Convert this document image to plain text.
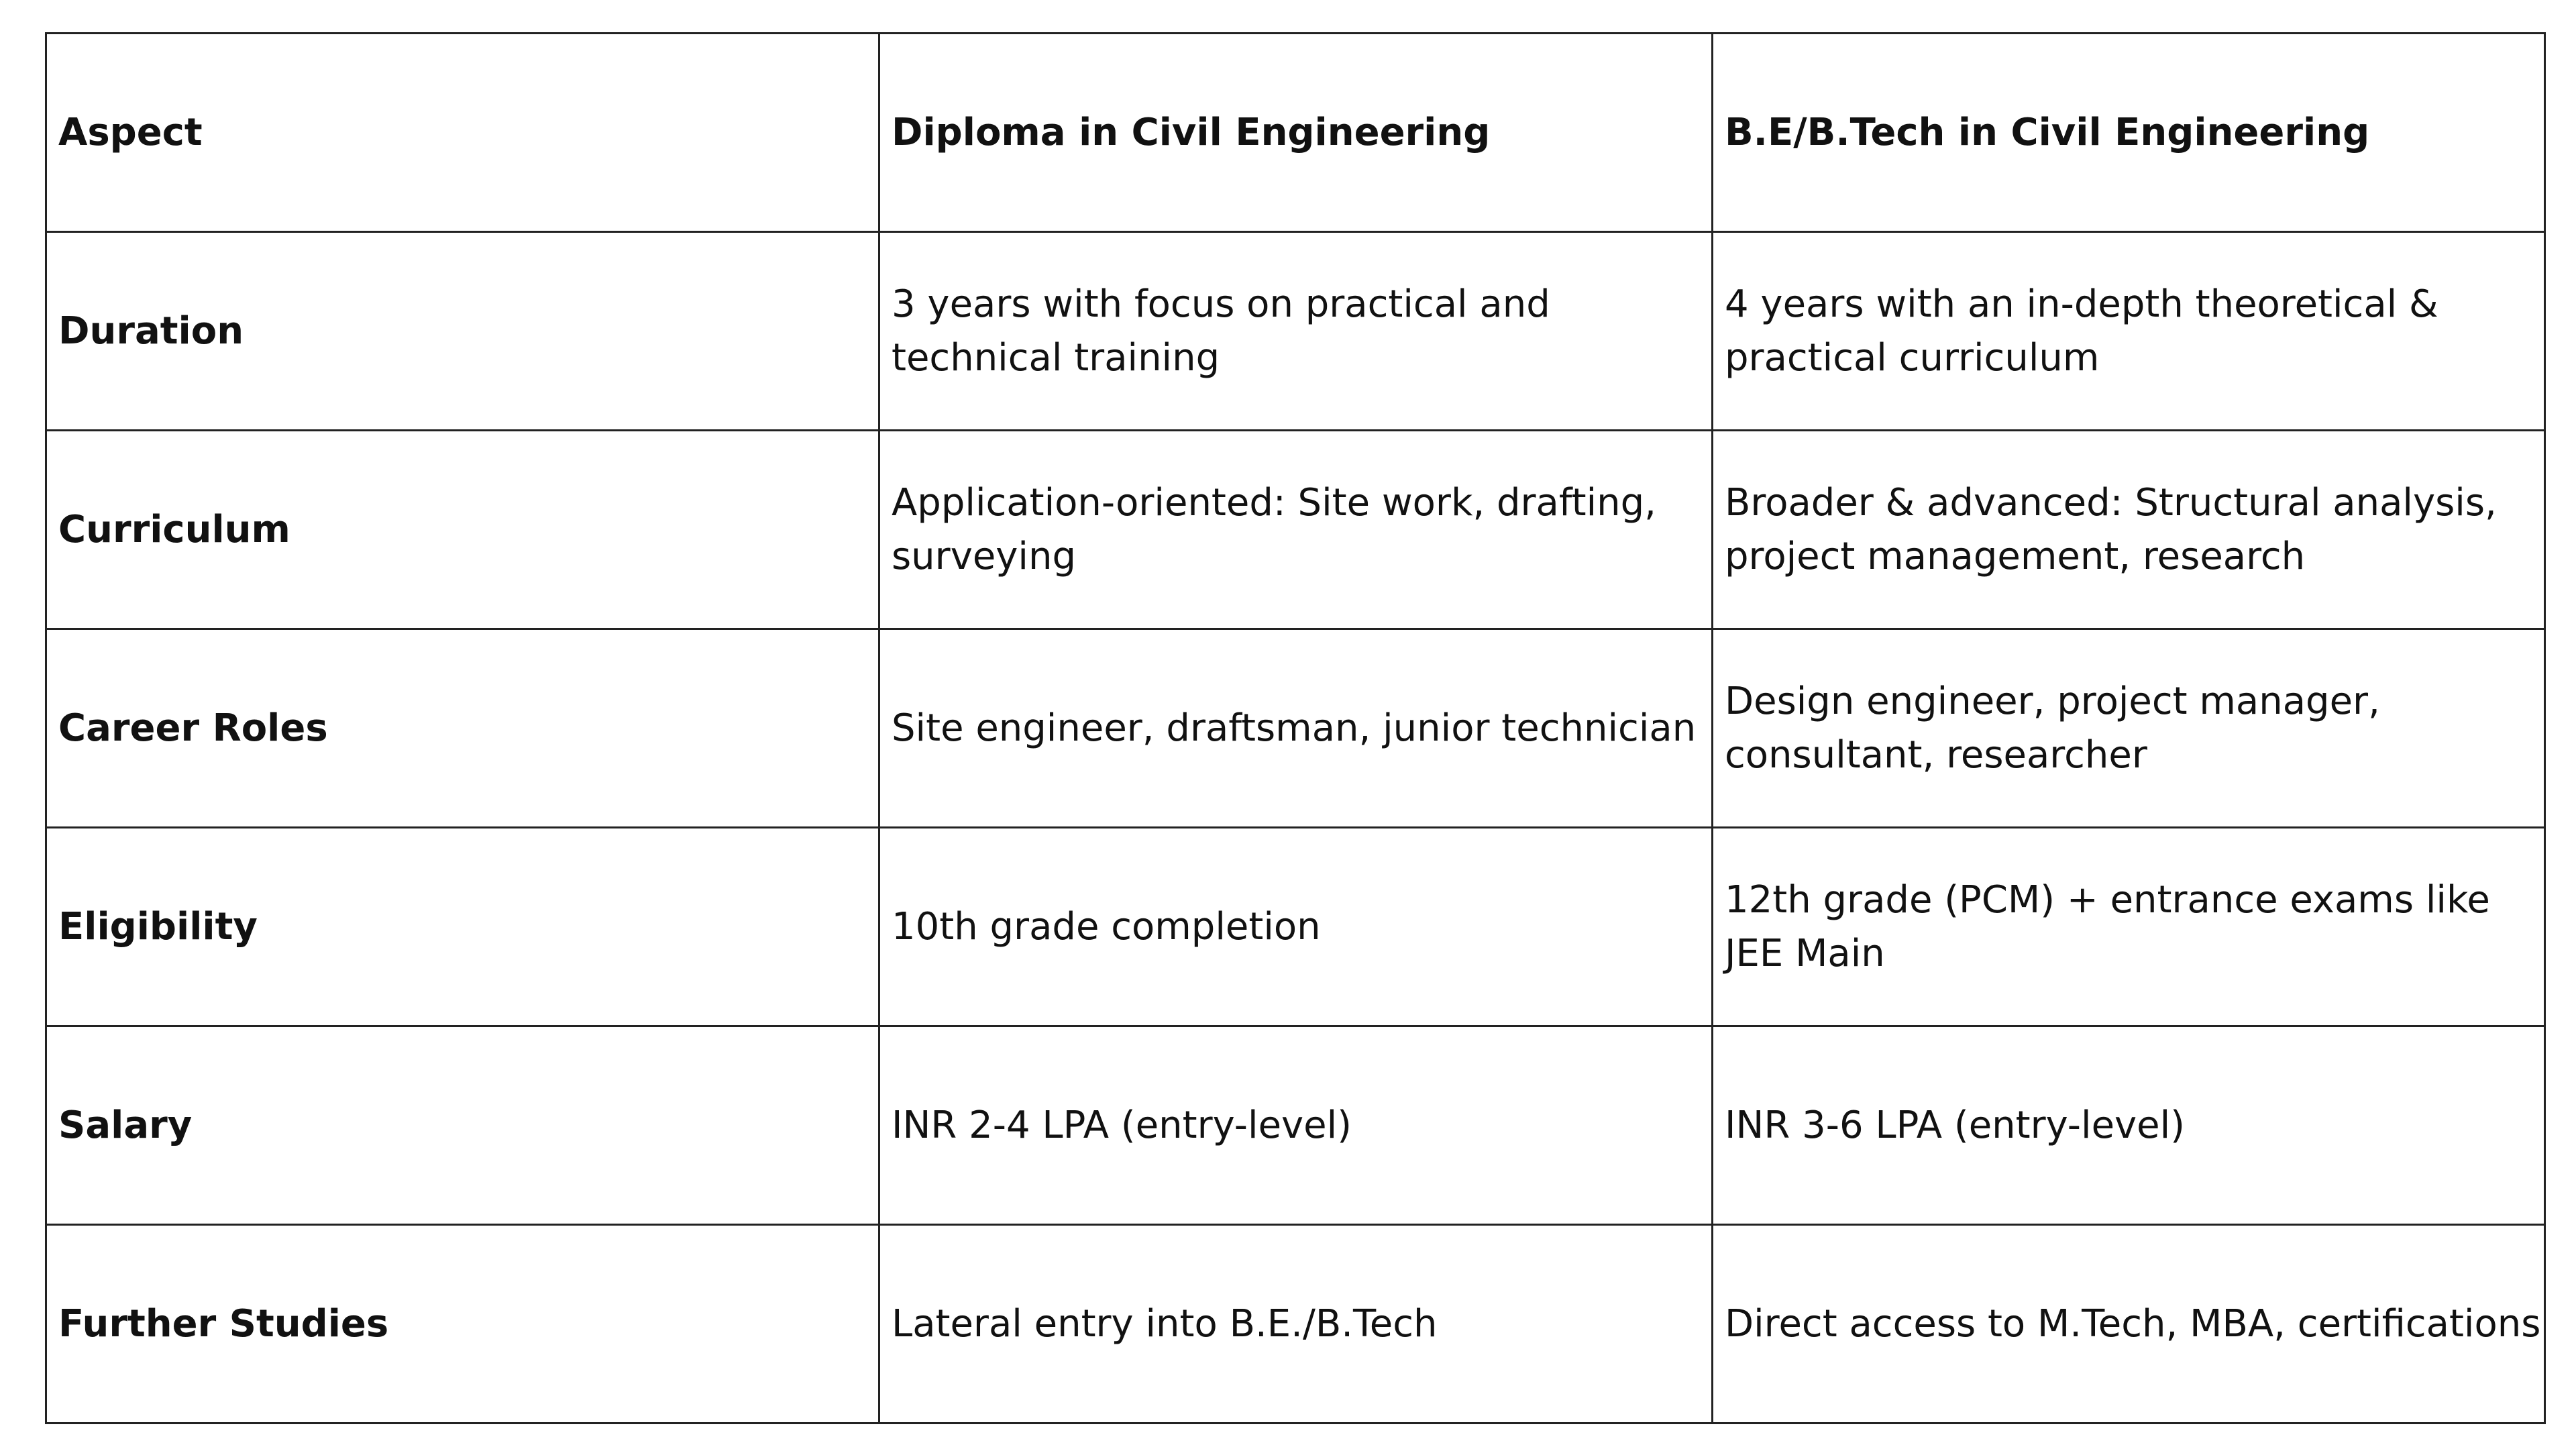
Aspect	Diploma in Civil Engineering	B.E/B.Tech in Civil Engineering
Duration	3 years with focus on practical and technical training	4 years with an in-depth theoretical & practical curriculum
Curriculum	Application-oriented: Site work, drafting, surveying	Broader & advanced: Structural analysis, project management, research
Career Roles	Site engineer, draftsman, junior technician	Design engineer, project manager, consultant, researcher
Eligibility	10th grade completion	12th grade (PCM) + entrance exams like JEE Main
Salary	INR 2-4 LPA (entry-level)	INR 3-6 LPA (entry-level)
Further Studies	Lateral entry into B.E./B.Tech	Direct access to M.Tech, MBA, certifications
